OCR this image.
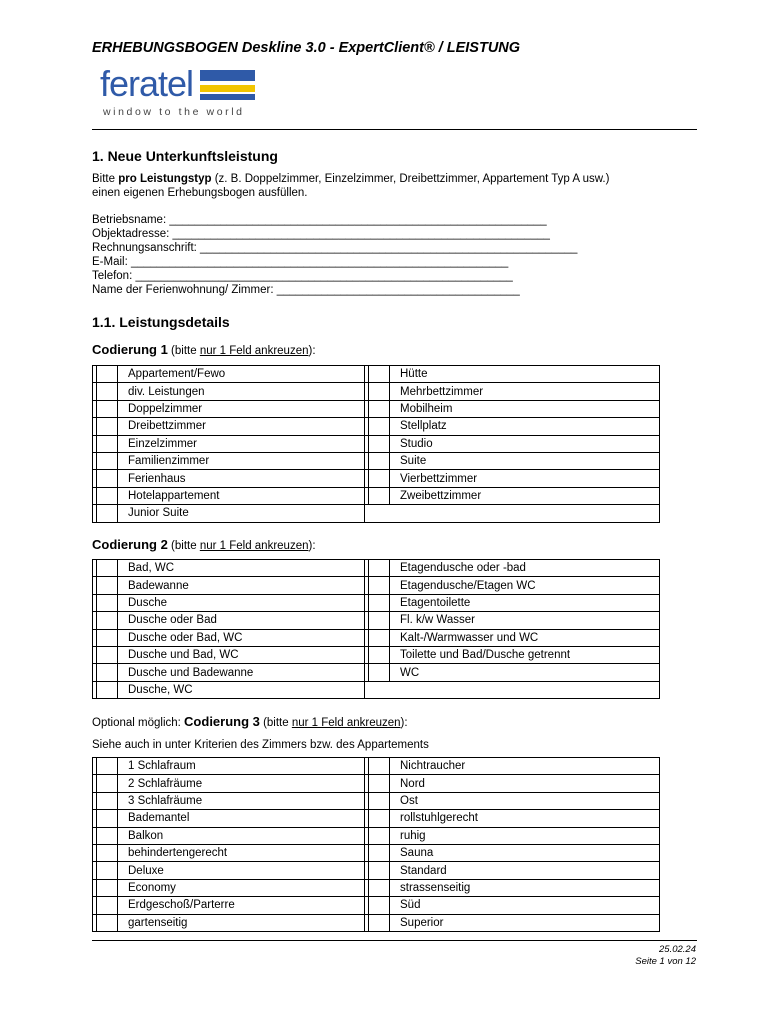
ERHEBUNGSBOGEN Deskline 3.0 - ExpertClient® / LEISTUNG
feratel
window to the world
1. Neue Unterkunftsleistung
Bitte pro Leistungstyp (z. B. Doppelzimmer, Einzelzimmer, Dreibettzimmer, Appartement Typ A usw.)
einen eigenen Erhebungsbogen ausfüllen.
Betriebsname: ___________________________________________________________
Objektadresse: ___________________________________________________________
Rechnungsanschrift: ___________________________________________________________
E-Mail: ___________________________________________________________
Telefon: ___________________________________________________________
Name der Ferienwohnung/ Zimmer: ______________________________________
1.1. Leistungsdetails
Codierung 1 (bitte nur 1 Feld ankreuzen):
		Appartement/Fewo			Hütte
		div. Leistungen			Mehrbettzimmer
		Doppelzimmer			Mobilheim
		Dreibettzimmer			Stellplatz
		Einzelzimmer			Studio
		Familienzimmer			Suite
		Ferienhaus			Vierbettzimmer
		Hotelappartement			Zweibettzimmer
		Junior Suite			
Codierung 2 (bitte nur 1 Feld ankreuzen):
		Bad, WC			Etagendusche oder -bad
		Badewanne			Etagendusche/Etagen WC
		Dusche			Etagentoilette
		Dusche oder Bad			Fl. k/w Wasser
		Dusche oder Bad, WC			Kalt-/Warmwasser und WC
		Dusche und Bad, WC			Toilette und Bad/Dusche getrennt
		Dusche und Badewanne			WC
		Dusche, WC			
Optional möglich: Codierung 3 (bitte nur 1 Feld ankreuzen):
Siehe auch in unter Kriterien des Zimmers bzw. des Appartements
		1 Schlafraum			Nichtraucher
		2 Schlafräume			Nord
		3 Schlafräume			Ost
		Bademantel			rollstuhlgerecht
		Balkon			ruhig
		behindertengerecht			Sauna
		Deluxe			Standard
		Economy			strassenseitig
		Erdgeschoß/Parterre			Süd
		gartenseitig			Superior
25.02.24
Seite 1 von 12
